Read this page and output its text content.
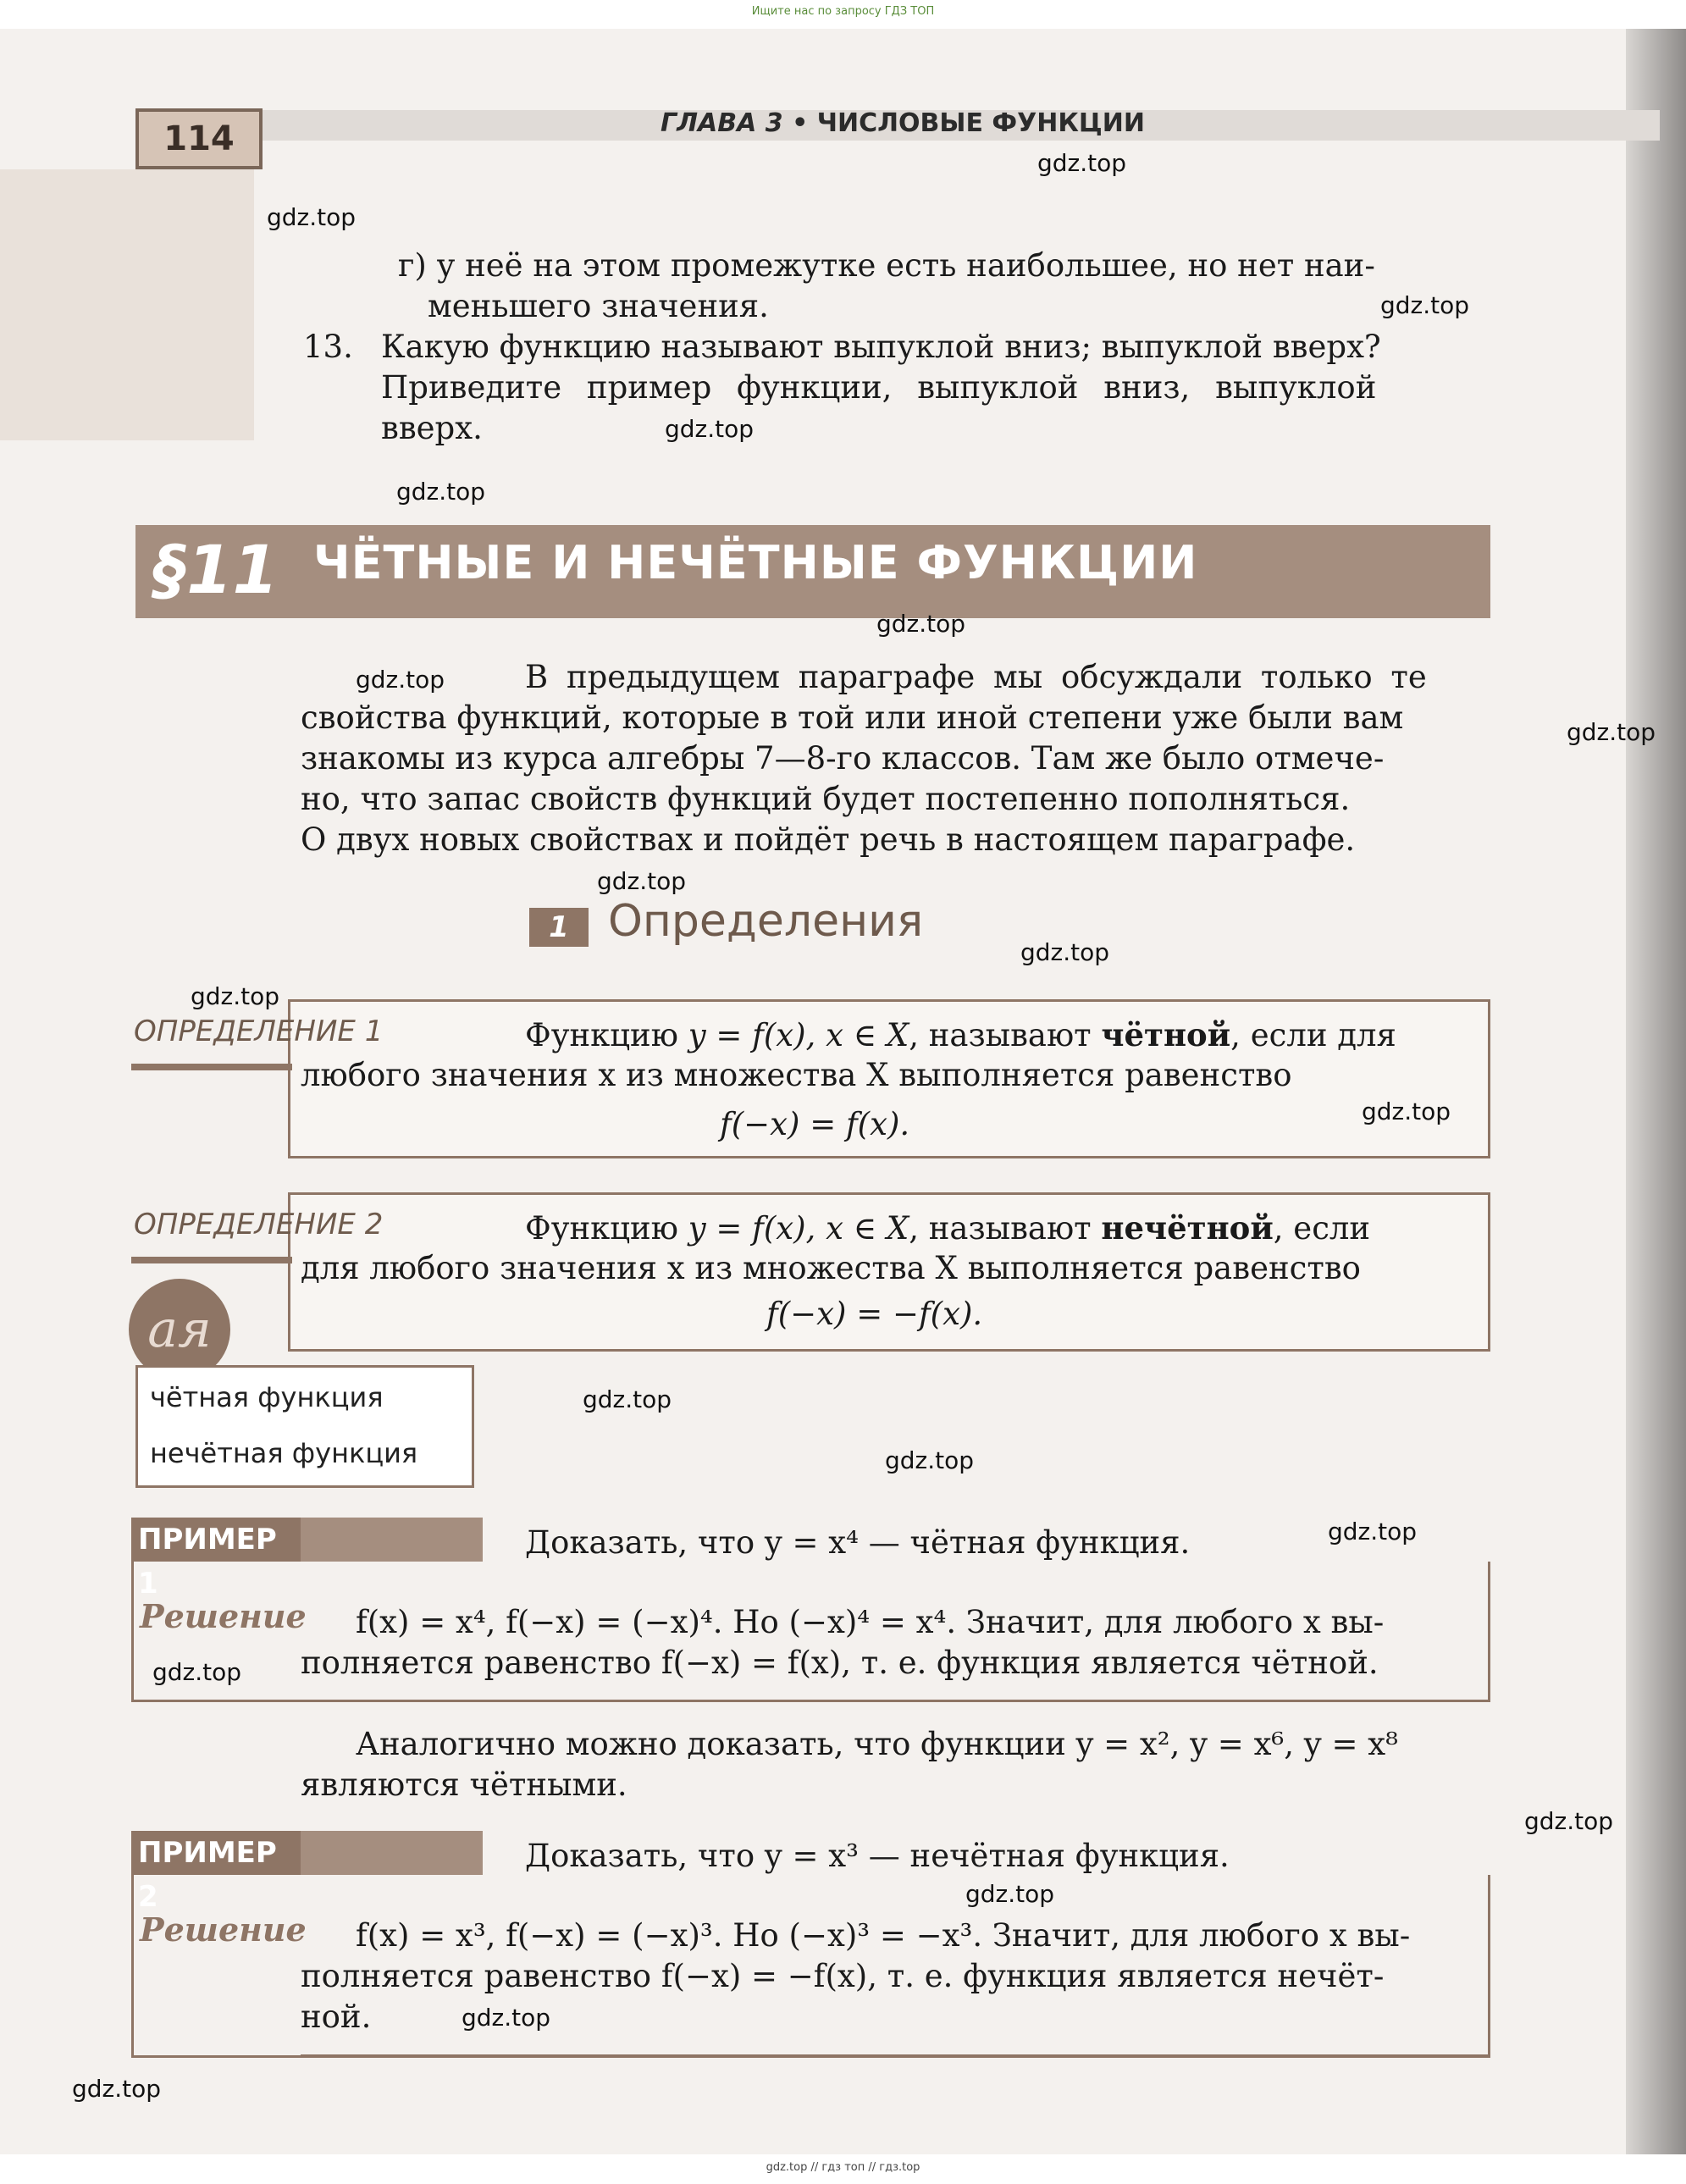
Ищите нас по запросу ГДЗ ТОП
114	ГЛАВА 3 • ЧИСЛОВЫЕ ФУНКЦИИ
г) у неё на этом промежутке есть наибольшее, но нет наи-
меньшего значения.
13. Какую функцию называют выпуклой вниз; выпуклой вверх?
Приведите пример функции, выпуклой вниз, выпуклой
вверх.
§11 ЧЁТНЫЕ И НЕЧЁТНЫЕ ФУНКЦИИ
В предыдущем параграфе мы обсуждали только те
свойства функций, которые в той или иной степени уже были вам
знакомы из курса алгебры 7—8-го классов. Там же было отмече-
но, что запас свойств функций будет постепенно пополняться.
О двух новых свойствах и пойдёт речь в настоящем параграфе.
1 Определения
ОПРЕДЕЛЕНИЕ 1	Функцию y = f(x), x ∈ X, называют чётной, если для
любого значения x из множества X выполняется равенство
f(−x) = f(x).
ОПРЕДЕЛЕНИЕ 2	Функцию y = f(x), x ∈ X, называют нечётной, если
для любого значения x из множества X выполняется равенство
f(−x) = −f(x).
aя
чётная функция
нечётная функция
ПРИМЕР 1
Доказать, что y = x⁴ — чётная функция.
Решение f(x) = x⁴, f(−x) = (−x)⁴. Но (−x)⁴ = x⁴. Значит, для любого x вы-
полняется равенство f(−x) = f(x), т. е. функция является чётной.
Аналогично можно доказать, что функции y = x², y = x⁶, y = x⁸
являются чётными.
ПРИМЕР 2
Доказать, что y = x³ — нечётная функция.
Решение f(x) = x³, f(−x) = (−x)³. Но (−x)³ = −x³. Значит, для любого x вы-
полняется равенство f(−x) = −f(x), т. е. функция является нечёт-
ной.
gdz.top
gdz.top
gdz.top
gdz.top
gdz.top
gdz.top
gdz.top
gdz.top
gdz.top
gdz.top
gdz.top
gdz.top
gdz.top
gdz.top
gdz.top
gdz.top
gdz.top
gdz.top
gdz.top
gdz.top
gdz.top // гдз топ // гдз.top
